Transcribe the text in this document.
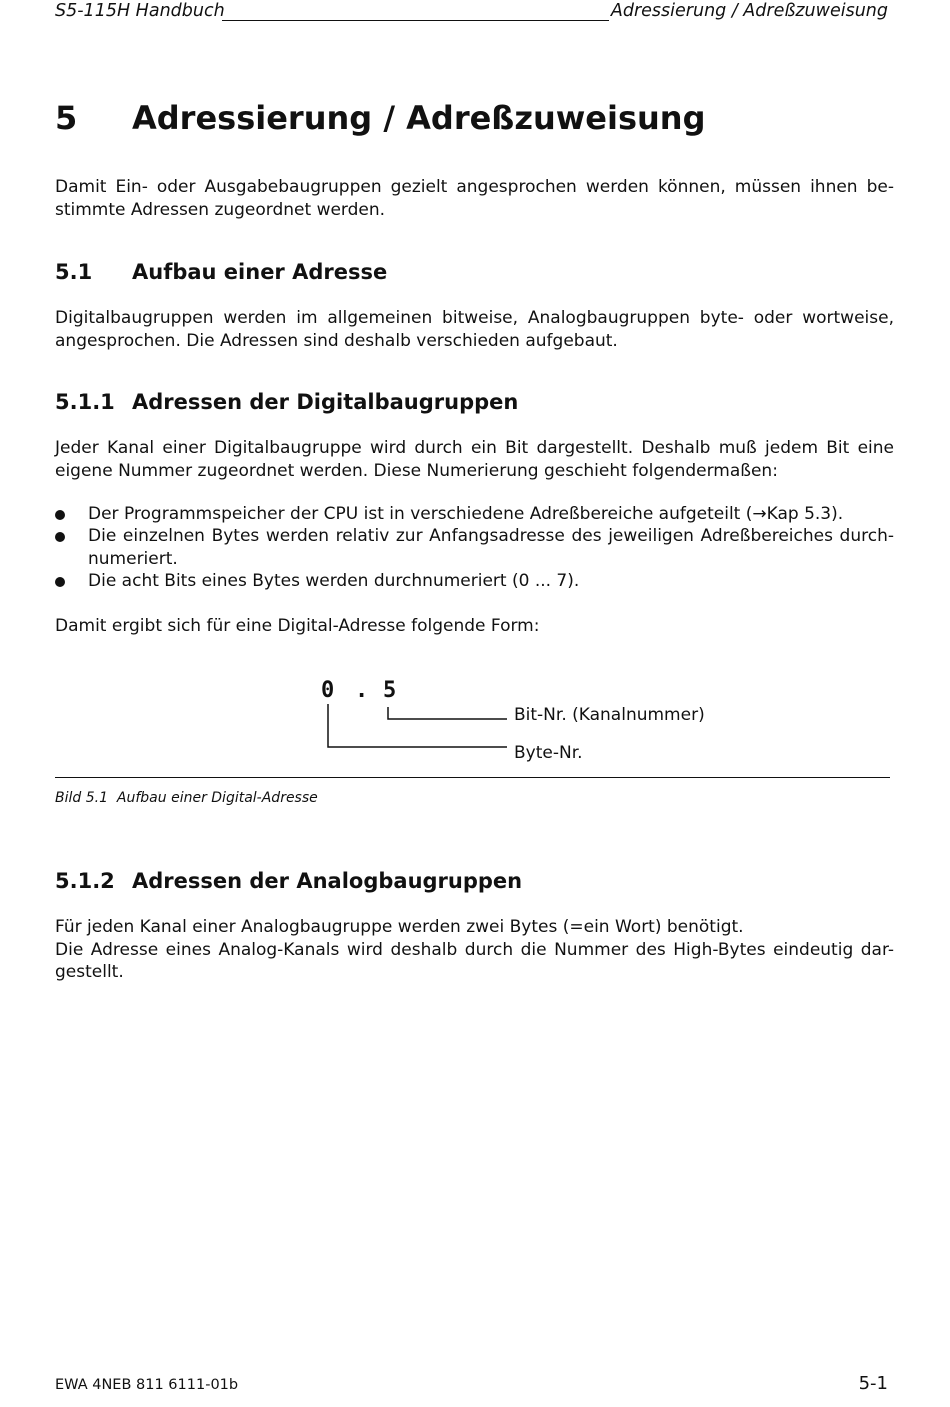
S5-115H Handbuch	Adressierung / Adreßzuweisung
5 Adressierung / Adreßzuweisung
Damit Ein- oder Ausgabebaugruppen gezielt angesprochen werden können, müssen ihnen be-
stimmte Adressen zugeordnet werden.
5.1 Aufbau einer Adresse
Digitalbaugruppen werden im allgemeinen bitweise, Analogbaugruppen byte- oder wortweise,
angesprochen. Die Adressen sind deshalb verschieden aufgebaut.
5.1.1 Adressen der Digitalbaugruppen
Jeder Kanal einer Digitalbaugruppe wird durch ein Bit dargestellt. Deshalb muß jedem Bit eine
eigene Nummer zugeordnet werden. Diese Numerierung geschieht folgendermaßen:
Der Programmspeicher der CPU ist in verschiedene Adreßbereiche aufgeteilt (→Kap 5.3).
Die einzelnen Bytes werden relativ zur Anfangsadresse des jeweiligen Adreßbereiches durch-
numeriert.
Die acht Bits eines Bytes werden durchnumeriert (0 ... 7).
Damit ergibt sich für eine Digital-Adresse folgende Form:
0 . 5
Bit-Nr. (Kanalnummer)
Byte-Nr.
Bild 5.1 Aufbau einer Digital-Adresse
5.1.2 Adressen der Analogbaugruppen
Für jeden Kanal einer Analogbaugruppe werden zwei Bytes (=ein Wort) benötigt.
Die Adresse eines Analog-Kanals wird deshalb durch die Nummer des High-Bytes eindeutig dar-
gestellt.
EWA 4NEB 811 6111-01b	5-1
